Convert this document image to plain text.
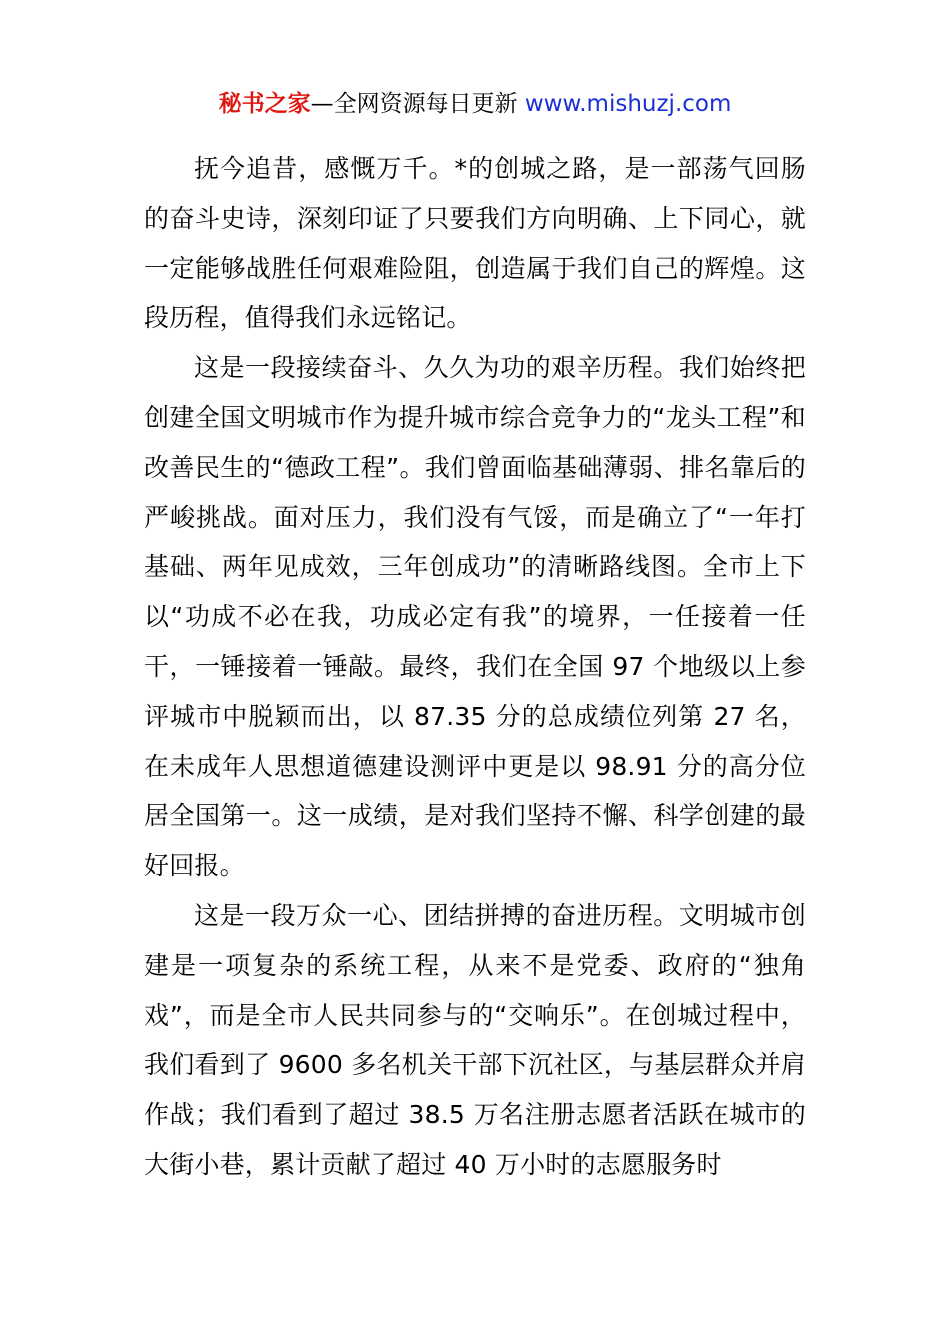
秘书之家—全网资源每日更新 www.mishuzj.com

抚今追昔，感慨万千。*的创城之路，是一部荡气回肠的奋斗史诗，深刻印证了只要我们方向明确、上下同心，就一定能够战胜任何艰难险阻，创造属于我们自己的辉煌。这段历程，值得我们永远铭记。

这是一段接续奋斗、久久为功的艰辛历程。我们始终把创建全国文明城市作为提升城市综合竞争力的“龙头工程”和改善民生的“德政工程”。我们曾面临基础薄弱、排名靠后的严峻挑战。面对压力，我们没有气馁，而是确立了“一年打基础、两年见成效，三年创成功”的清晰路线图。全市上下以“功成不必在我，功成必定有我”的境界，一任接着一任干，一锤接着一锤敲。最终，我们在全国 97 个地级以上参评城市中脱颖而出，以 87.35 分的总成绩位列第 27 名，在未成年人思想道德建设测评中更是以 98.91 分的高分位居全国第一。这一成绩，是对我们坚持不懈、科学创建的最好回报。

这是一段万众一心、团结拼搏的奋进历程。文明城市创建是一项复杂的系统工程，从来不是党委、政府的“独角戏”，而是全市人民共同参与的“交响乐”。在创城过程中，我们看到了 9600 多名机关干部下沉社区，与基层群众并肩作战；我们看到了超过 38.5 万名注册志愿者活跃在城市的大街小巷，累计贡献了超过 40 万小时的志愿服务时
